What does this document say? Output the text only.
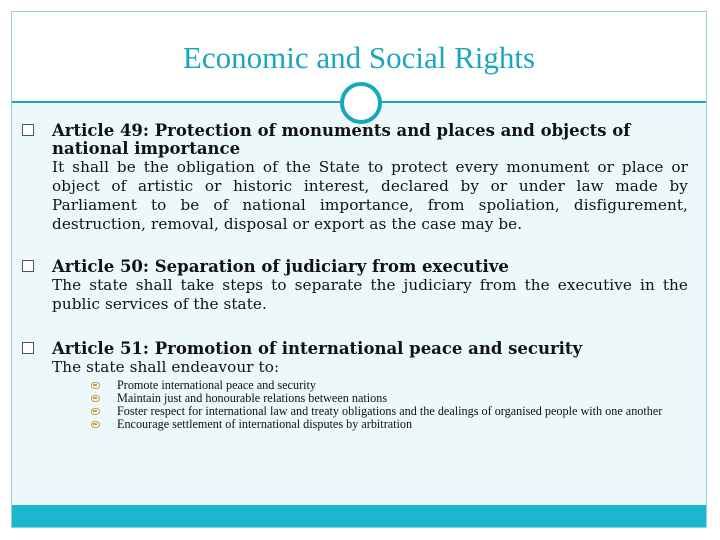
Economic and Social Rights
Article 49: Protection of monuments and places and objects of national importance
It shall be the obligation of the State to protect every monument or place or object of artistic or historic interest, declared by or under law made by Parliament to be of national importance, from spoliation, disfigurement, destruction, removal, disposal or export as the case may be.
Article 50: Separation of judiciary from executive
The state shall take steps to separate the judiciary from the executive in the public services of the state.
Article 51: Promotion of international peace and security
The state shall endeavour to:
Promote international peace and security
Maintain just and honourable relations between nations
Foster respect for international law and treaty obligations and the dealings of organised people with one another
Encourage settlement of international disputes by arbitration
